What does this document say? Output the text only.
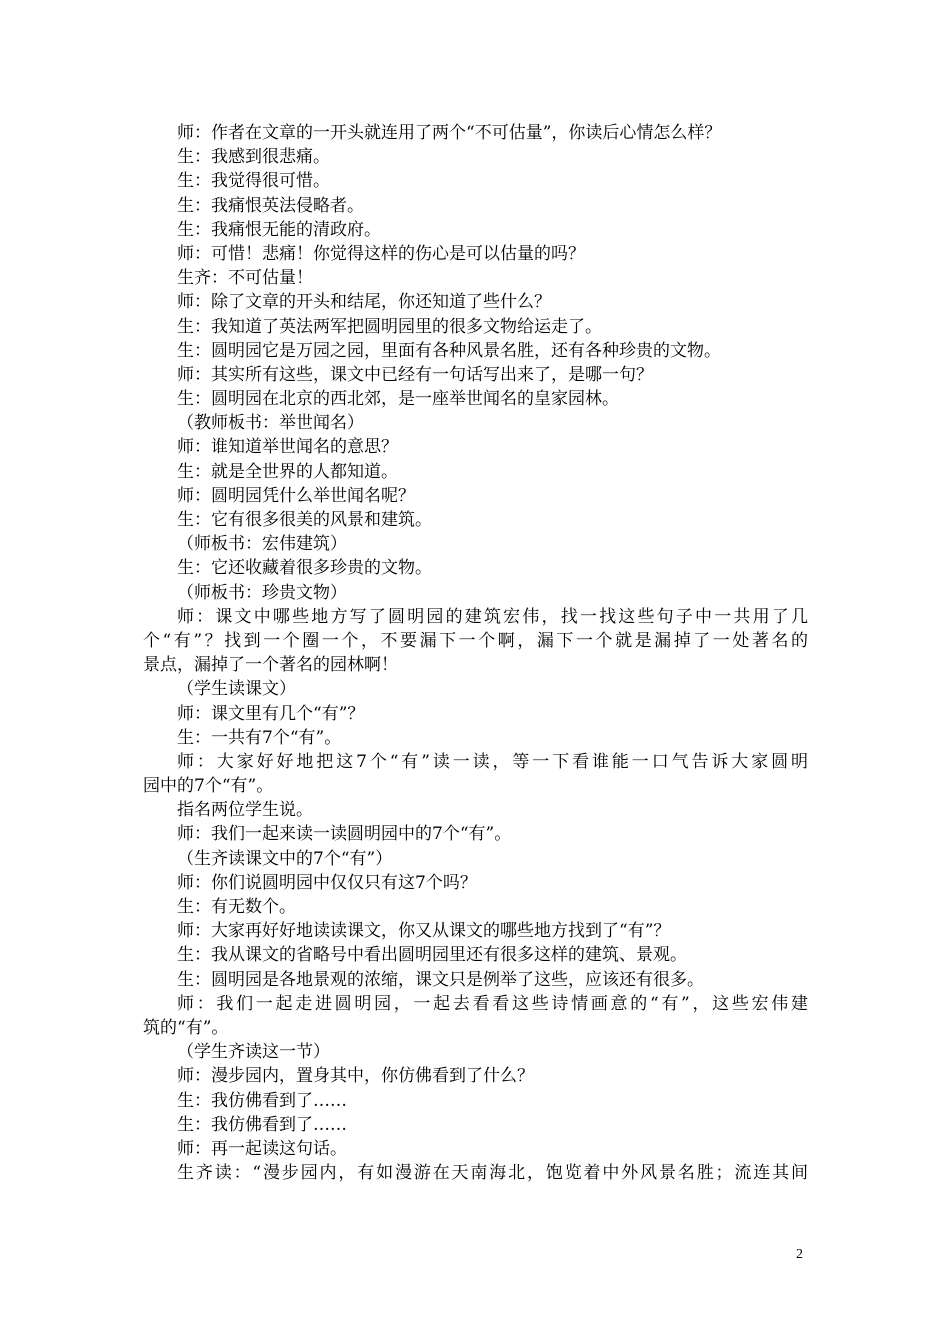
师：作者在文章的一开头就连用了两个“不可估量”，你读后心情怎么样？
生：我感到很悲痛。
生：我觉得很可惜。
生：我痛恨英法侵略者。
生：我痛恨无能的清政府。
师：可惜！悲痛！你觉得这样的伤心是可以估量的吗？
生齐：不可估量！
师：除了文章的开头和结尾，你还知道了些什么？
生：我知道了英法两军把圆明园里的很多文物给运走了。
生：圆明园它是万园之园，里面有各种风景名胜，还有各种珍贵的文物。
师：其实所有这些，课文中已经有一句话写出来了，是哪一句？
生：圆明园在北京的西北郊，是一座举世闻名的皇家园林。
（教师板书：举世闻名）
师：谁知道举世闻名的意思？
生：就是全世界的人都知道。
师：圆明园凭什么举世闻名呢？
生：它有很多很美的风景和建筑。
（师板书：宏伟建筑）
生：它还收藏着很多珍贵的文物。
（师板书：珍贵文物）
师：课文中哪些地方写了圆明园的建筑宏伟，找一找这些句子中一共用了几
个“有”？找到一个圈一个，不要漏下一个啊，漏下一个就是漏掉了一处著名的
景点，漏掉了一个著名的园林啊！
（学生读课文）
师：课文里有几个“有”？
生：一共有7个“有”。
师：大家好好地把这7个“有”读一读，等一下看谁能一口气告诉大家圆明
园中的7个“有”。
指名两位学生说。
师：我们一起来读一读圆明园中的7个“有”。
（生齐读课文中的7个“有”）
师：你们说圆明园中仅仅只有这7个吗？
生：有无数个。
师：大家再好好地读读课文，你又从课文的哪些地方找到了“有”？
生：我从课文的省略号中看出圆明园里还有很多这样的建筑、景观。
生：圆明园是各地景观的浓缩，课文只是例举了这些，应该还有很多。
师：我们一起走进圆明园，一起去看看这些诗情画意的“有”，这些宏伟建
筑的“有”。
（学生齐读这一节）
师：漫步园内，置身其中，你仿佛看到了什么？
生：我仿佛看到了……
生：我仿佛看到了……
师：再一起读这句话。
生齐读：“漫步园内，有如漫游在天南海北，饱览着中外风景名胜；流连其间
2
